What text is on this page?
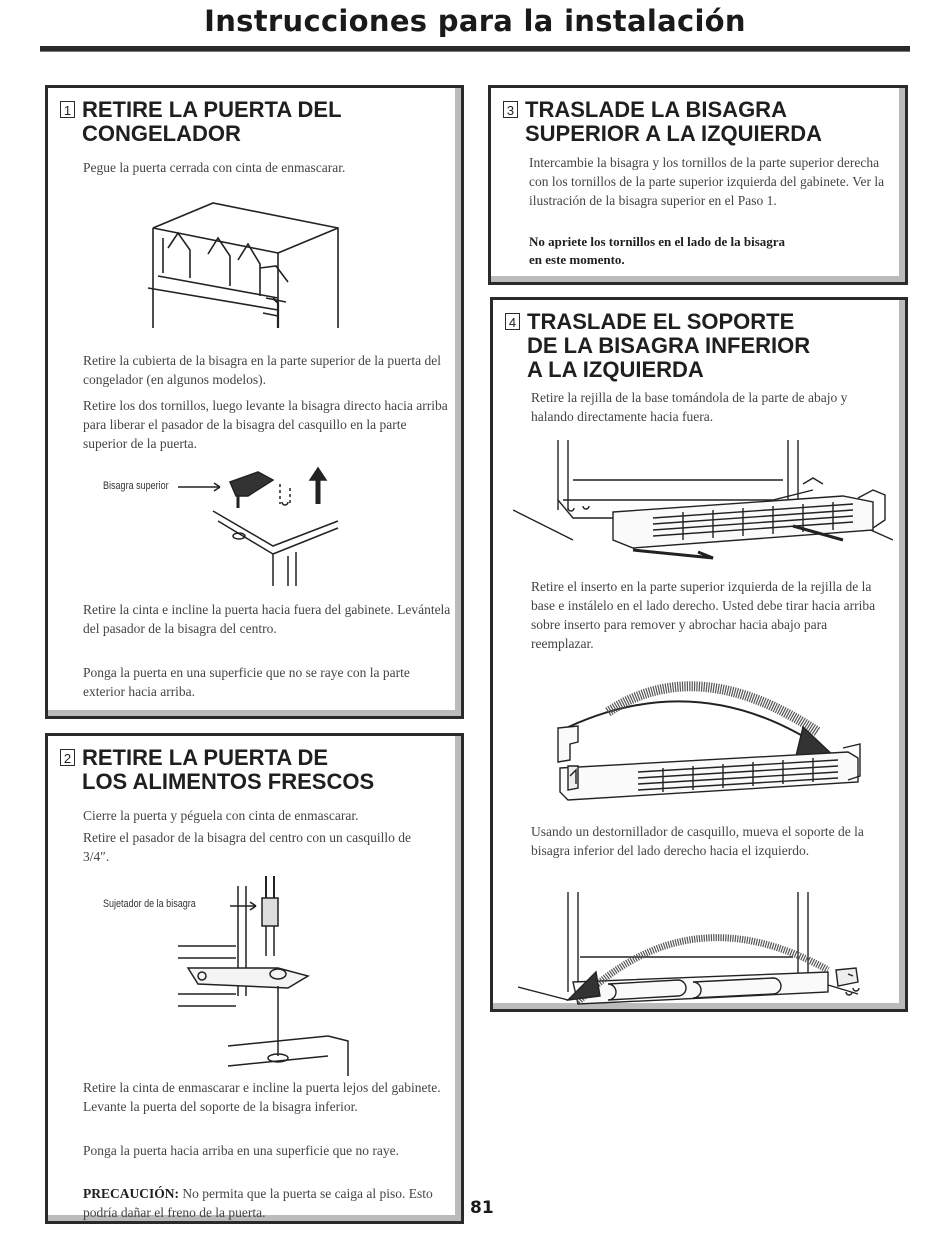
Instrucciones para la instalación
1 RETIRE LA PUERTA DEL
CONGELADOR
Pegue la puerta cerrada con cinta de enmascarar.
Retire la cubierta de la bisagra en la parte superior de la puerta del congelador (en algunos modelos).
Retire los dos tornillos, luego levante la bisagra directo hacia arriba para liberar el pasador de la bisagra del casquillo en la parte superior de la puerta.
Bisagra superior
Retire la cinta e incline la puerta hacia fuera del gabinete. Levántela del pasador de la bisagra del centro.
Ponga la puerta en una superficie que no se raye con la parte exterior hacia arriba.
2 RETIRE LA PUERTA DE
LOS ALIMENTOS FRESCOS
Cierre la puerta y péguela con cinta de enmascarar.
Retire el pasador de la bisagra del centro con un casquillo de 3/4″.
Sujetador de la bisagra
Retire la cinta de enmascarar e incline la puerta lejos del gabinete. Levante la puerta del soporte de la bisagra inferior.
Ponga la puerta hacia arriba en una superficie que no raye.
PRECAUCIÓN: No permita que la puerta se caiga al piso. Esto podría dañar el freno de la puerta.	81
3 TRASLADE LA BISAGRA
SUPERIOR A LA IZQUIERDA
Intercambie la bisagra y los tornillos de la parte superior derecha con los tornillos de la parte superior izquierda del gabinete. Ver la ilustración de la bisagra superior en el Paso 1.
No apriete los tornillos en el lado de la bisagra
en este momento.
4 TRASLADE EL SOPORTE
DE LA BISAGRA INFERIOR
A LA IZQUIERDA
Retire la rejilla de la base tomándola de la parte de abajo y halando directamente hacia fuera.
Retire el inserto en la parte superior izquierda de la rejilla de la base e instálelo en el lado derecho. Usted debe tirar hacia arriba sobre inserto para remover y abrochar hacia abajo para reemplazar.
Usando un destornillador de casquillo, mueva el soporte de la bisagra inferior del lado derecho hacia el izquierdo.
